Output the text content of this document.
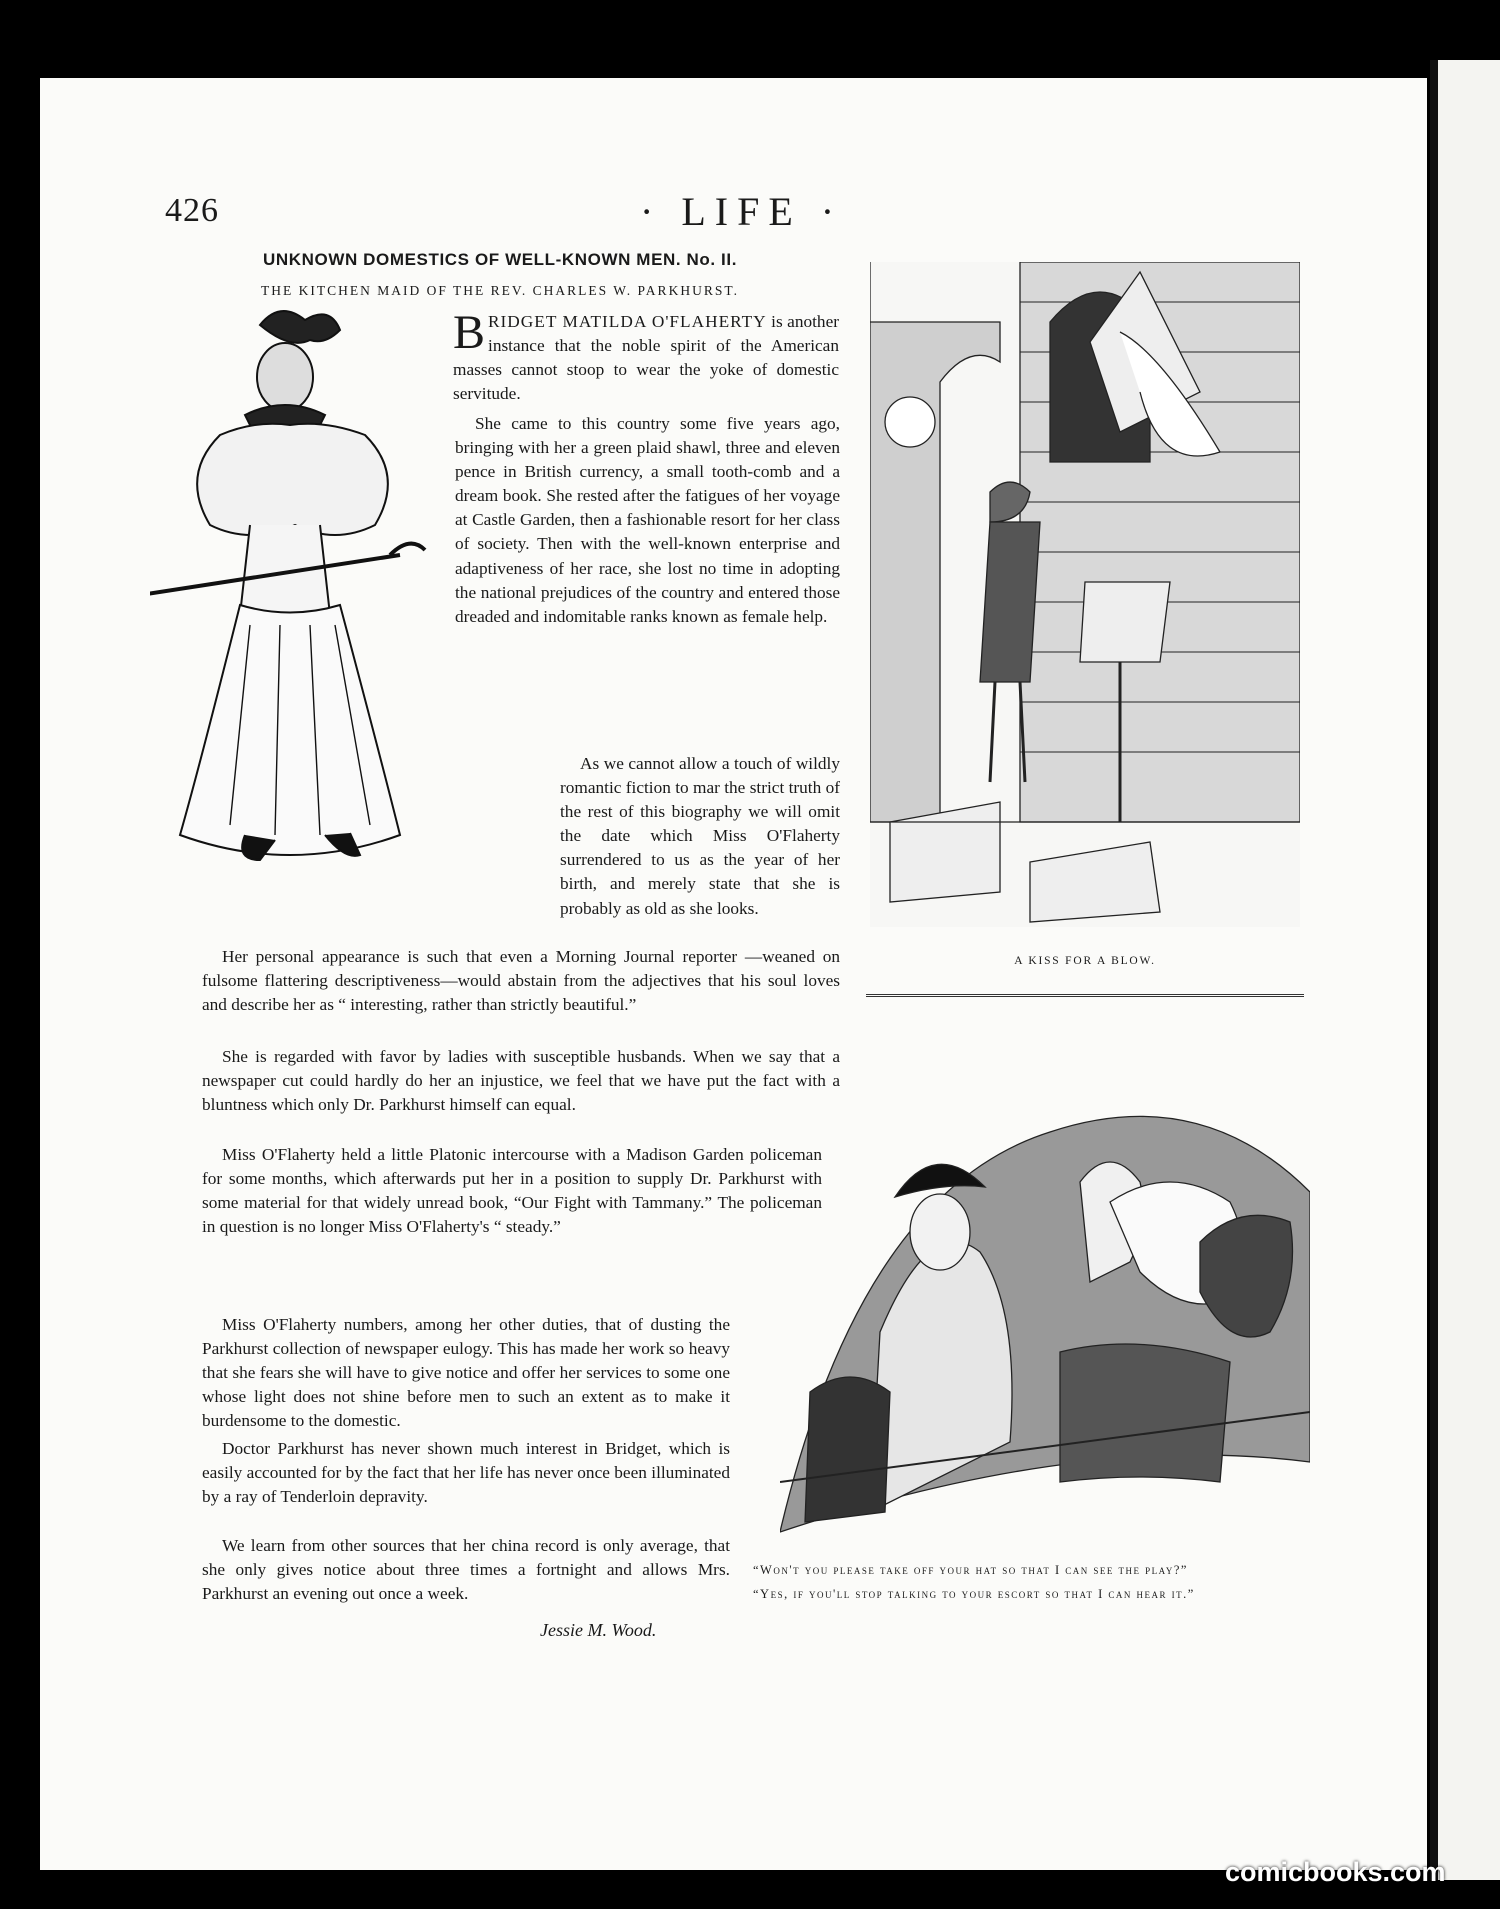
426	· LIFE ·
UNKNOWN DOMESTICS OF WELL-KNOWN MEN. No. II.
THE KITCHEN MAID OF THE REV. CHARLES W. PARKHURST.

BRIDGET MATILDA O'FLAHERTY is another instance that the noble spirit of the American masses cannot stoop to wear the yoke of domestic servitude.

She came to this country some five years ago, bringing with her a green plaid shawl, three and eleven pence in British currency, a small tooth-comb and a dream book. She rested after the fatigues of her voyage at Castle Garden, then a fashionable resort for her class of society. Then with the well-known enterprise and adaptiveness of her race, she lost no time in adopting the national prejudices of the country and entered those dreaded and indomitable ranks known as female help.

As we cannot allow a touch of wildly romantic fiction to mar the strict truth of the rest of this biography we will omit the date which Miss O'Flaherty surrendered to us as the year of her birth, and merely state that she is probably as old as she looks.

Her personal appearance is such that even a Morning Journal reporter —weaned on fulsome flattering descriptiveness—would abstain from the adjectives that his soul loves and describe her as “ interesting, rather than strictly beautiful.”

She is regarded with favor by ladies with susceptible husbands. When we say that a newspaper cut could hardly do her an injustice, we feel that we have put the fact with a bluntness which only Dr. Parkhurst himself can equal.

Miss O'Flaherty held a little Platonic intercourse with a Madison Garden policeman for some months, which afterwards put her in a position to supply Dr. Parkhurst with some material for that widely unread book, “Our Fight with Tammany.” The policeman in question is no longer Miss O'Flaherty's “ steady.”

Miss O'Flaherty numbers, among her other duties, that of dusting the Parkhurst collection of newspaper eulogy. This has made her work so heavy that she fears she will have to give notice and offer her services to some one whose light does not shine before men to such an extent as to make it burdensome to the domestic.

Doctor Parkhurst has never shown much interest in Bridget, which is easily accounted for by the fact that her life has never once been illuminated by a ray of Tenderloin depravity.

We learn from other sources that her china record is only average, that she only gives notice about three times a fortnight and allows Mrs. Parkhurst an evening out once a week.

Jessie M. Wood.
A KISS FOR A BLOW.

“Won't you please take off your hat so that I can see the play?”

“Yes, if you'll stop talking to your escort so that I can hear it.”

comicbooks.com
